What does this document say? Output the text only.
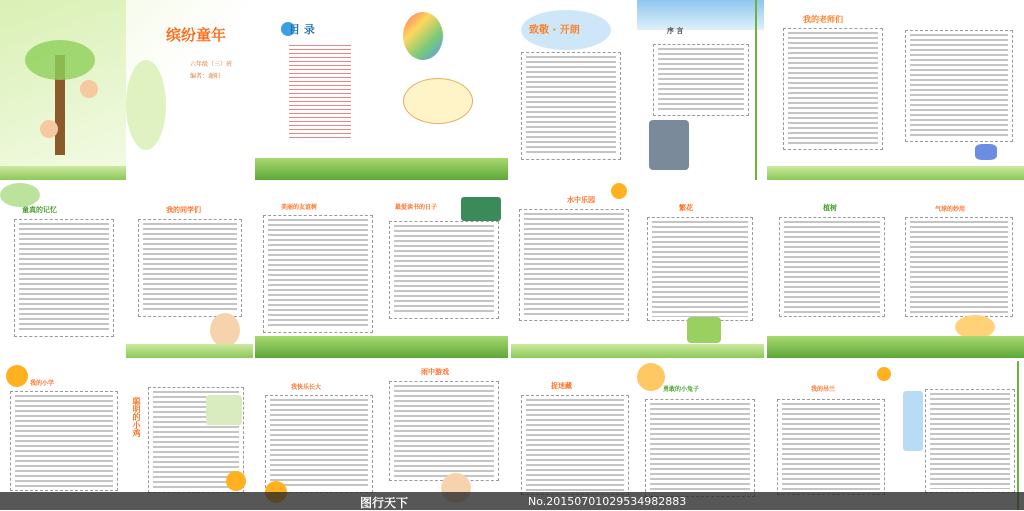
缤纷童年
六年级（三）班
编者：谢阳
目 录	致敬 · 开朗	序 言
我的老师们
童真的记忆	我的同学们	美丽的友谊树	最爱读书的日子
水中乐园
繁花	植树	气球的妙用
我的小学
聪明的小鸡
我快乐长大
雨中游戏
捉迷藏	勇敢的小兔子	我的吊兰
图行天下	No.20150701029534982883
